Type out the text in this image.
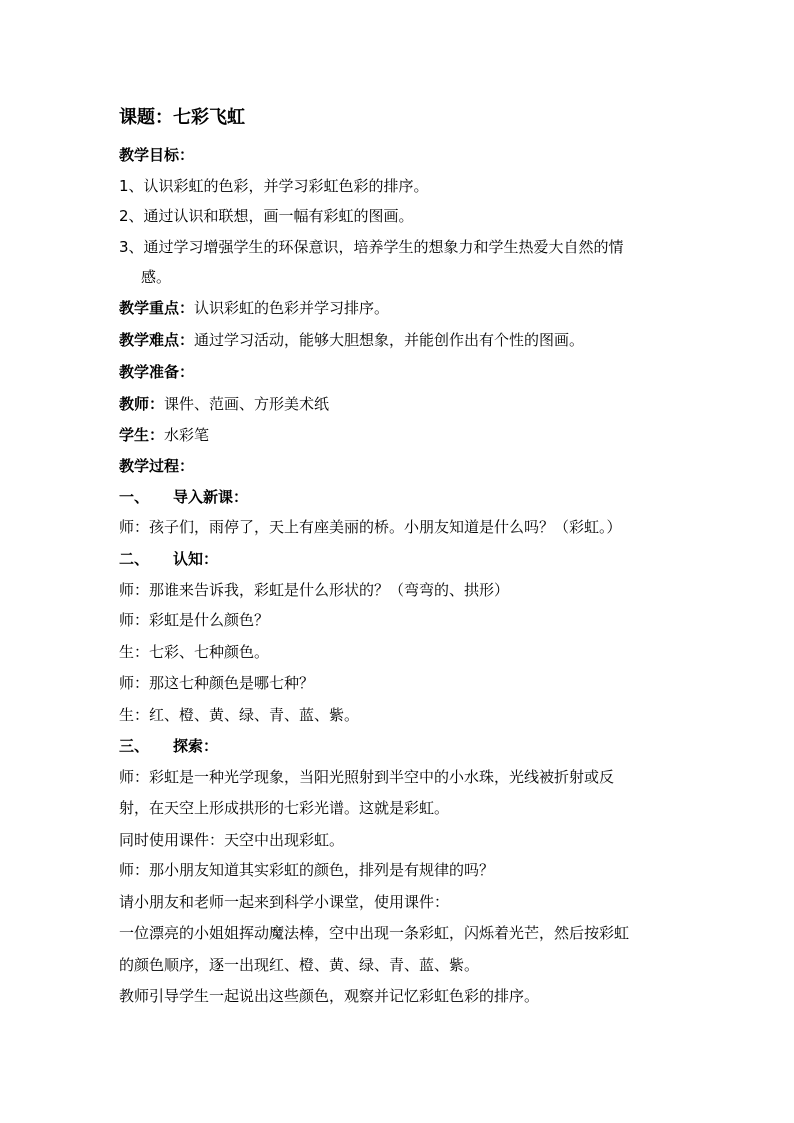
课题：七彩飞虹
教学目标：
1、认识彩虹的色彩，并学习彩虹色彩的排序。
2、通过认识和联想，画一幅有彩虹的图画。
3、通过学习增强学生的环保意识，培养学生的想象力和学生热爱大自然的情
感。
教学重点：认识彩虹的色彩并学习排序。
教学难点：通过学习活动，能够大胆想象，并能创作出有个性的图画。
教学准备：
教师：课件、范画、方形美术纸
学生：水彩笔
教学过程：
一、 导入新课：
师：孩子们，雨停了，天上有座美丽的桥。小朋友知道是什么吗？（彩虹。）
二、 认知：
师：那谁来告诉我，彩虹是什么形状的？（弯弯的、拱形）
师：彩虹是什么颜色？
生：七彩、七种颜色。
师：那这七种颜色是哪七种？
生：红、橙、黄、绿、青、蓝、紫。
三、 探索：
师：彩虹是一种光学现象，当阳光照射到半空中的小水珠，光线被折射或反
射，在天空上形成拱形的七彩光谱。这就是彩虹。
同时使用课件：天空中出现彩虹。
师：那小朋友知道其实彩虹的颜色，排列是有规律的吗？
请小朋友和老师一起来到科学小课堂，使用课件：
一位漂亮的小姐姐挥动魔法棒，空中出现一条彩虹，闪烁着光芒，然后按彩虹
的颜色顺序，逐一出现红、橙、黄、绿、青、蓝、紫。
教师引导学生一起说出这些颜色，观察并记忆彩虹色彩的排序。
